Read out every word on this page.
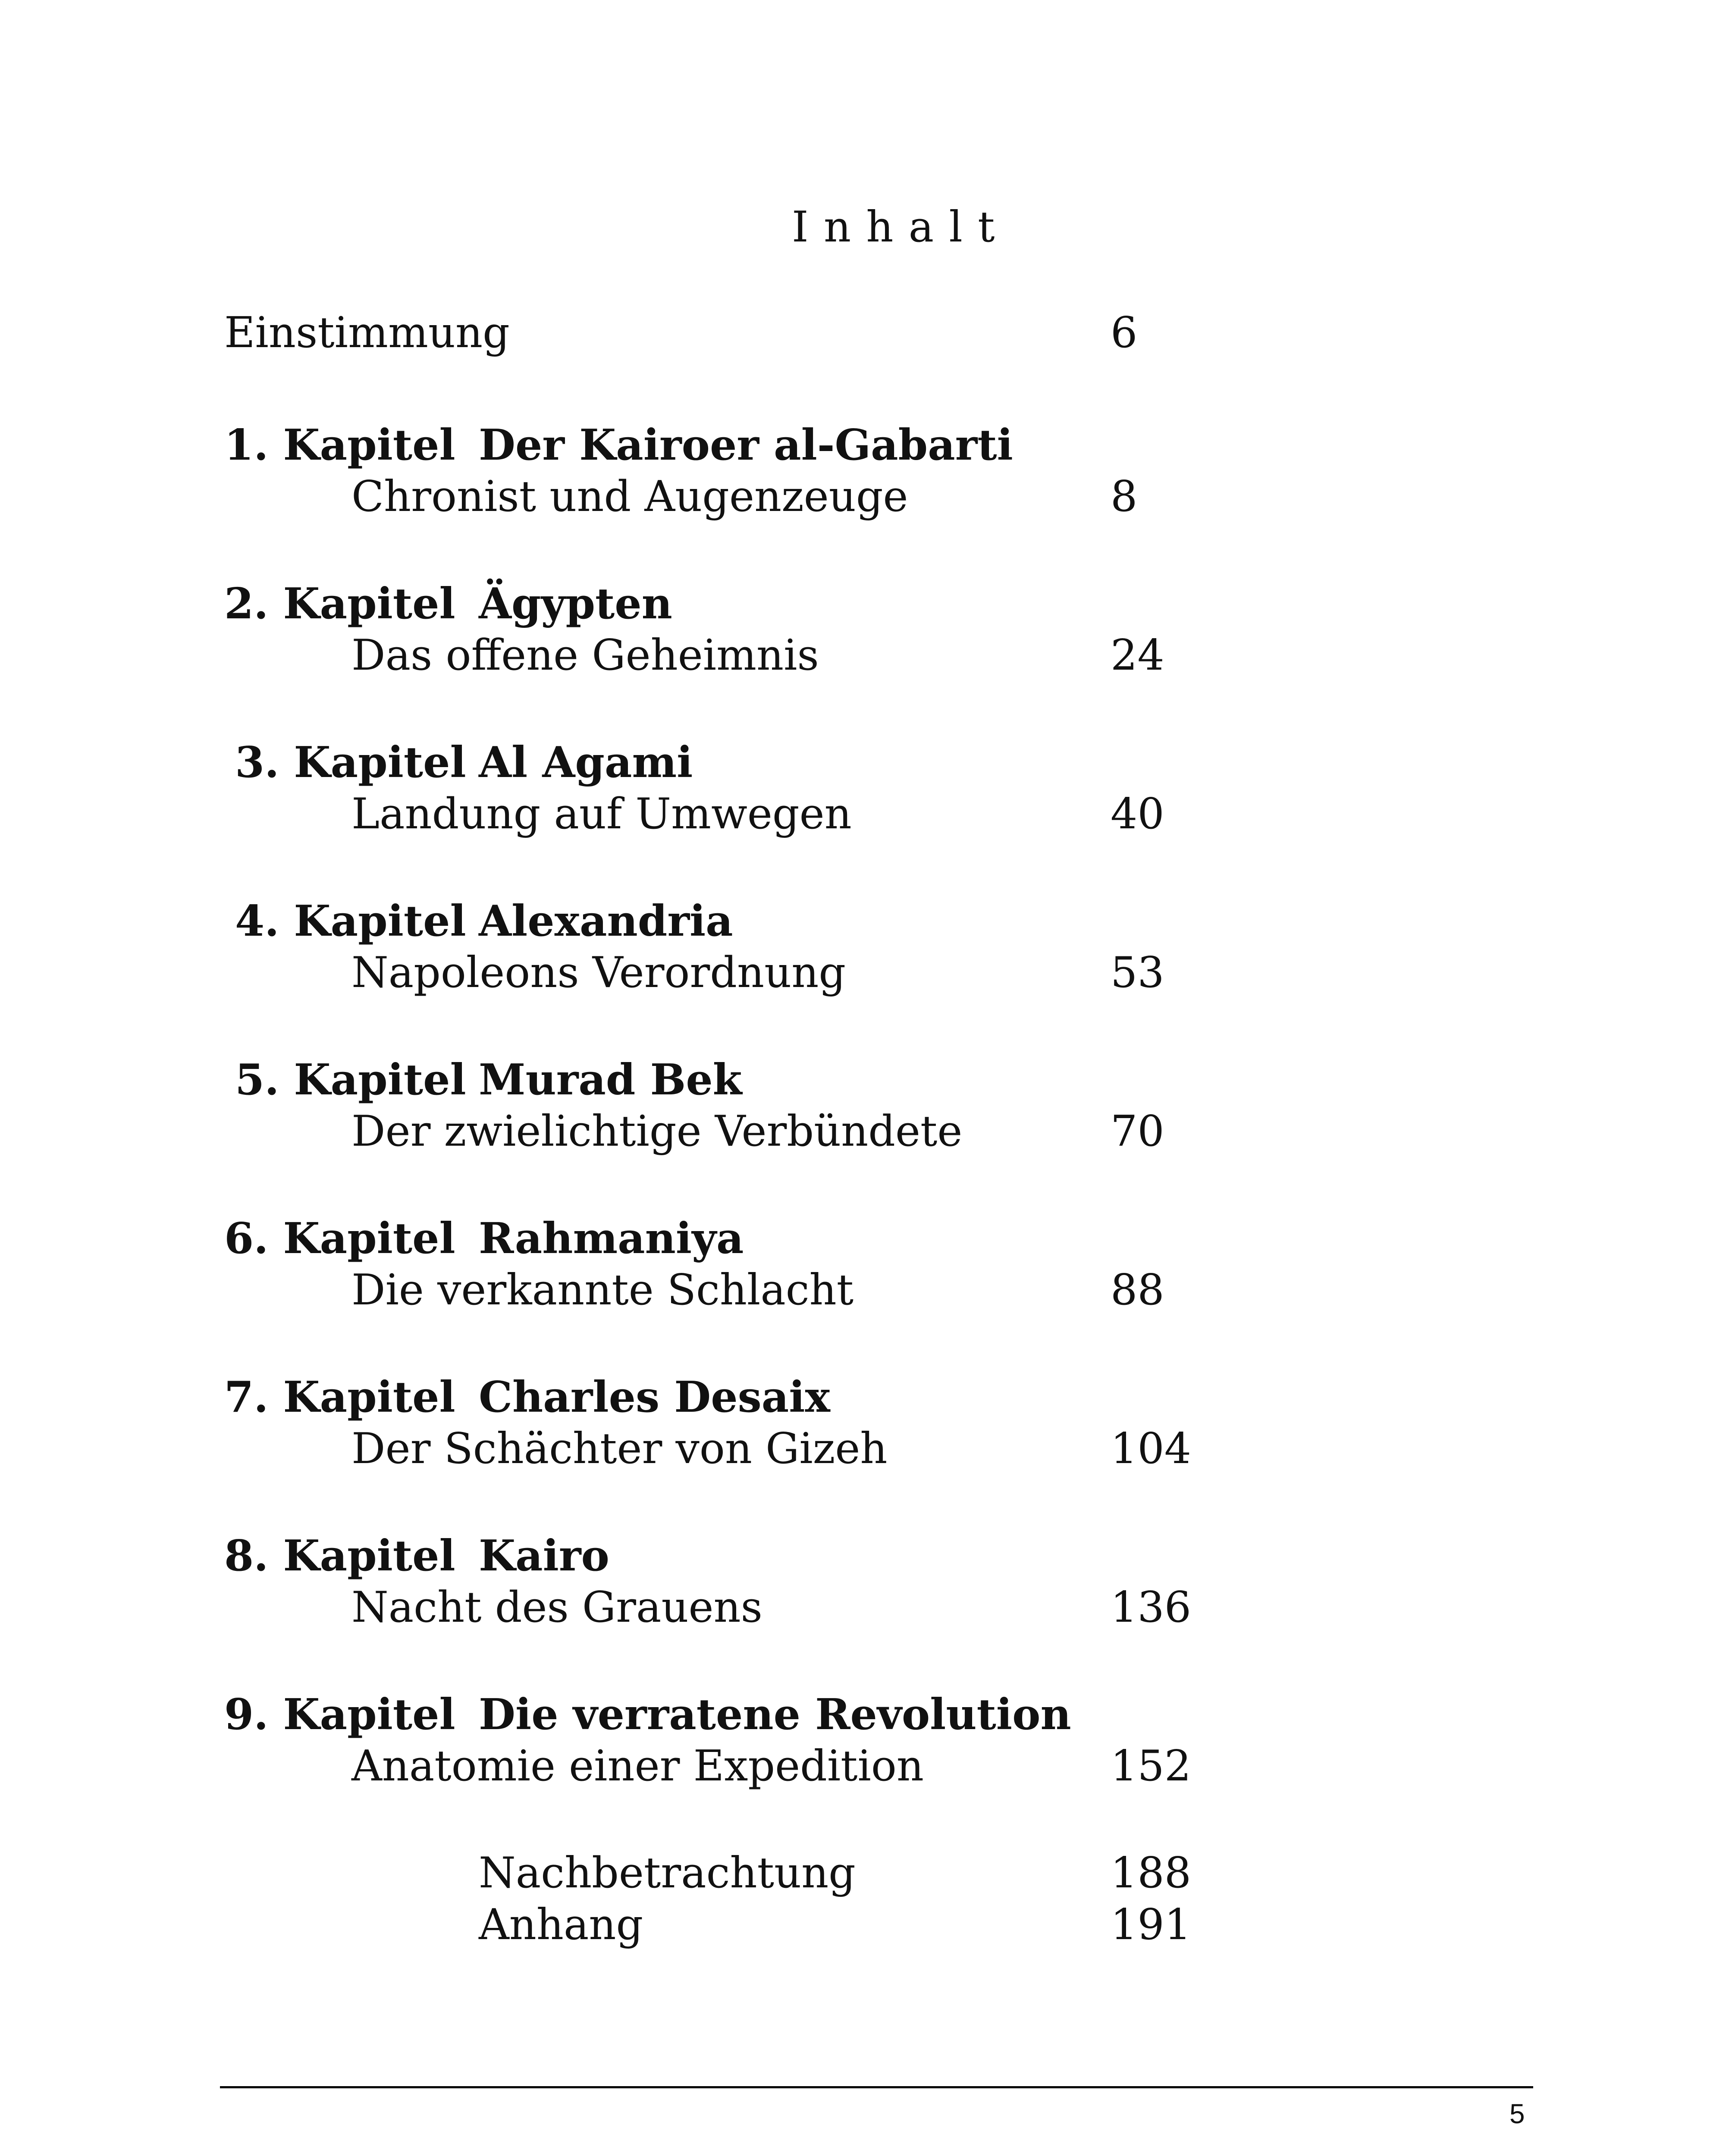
Inhalt
Einstimmung	6
1. Kapitel Der Kairoer al-Gabarti
Chronist und Augenzeuge	8
2. Kapitel Ägypten
Das offene Geheimnis	24
3. Kapitel Al Agami
Landung auf Umwegen	40
4. Kapitel Alexandria
Napoleons Verordnung	53
5. Kapitel Murad Bek
Der zwielichtige Verbündete	70
6. Kapitel Rahmaniya
Die verkannte Schlacht	88
7. Kapitel Charles Desaix
Der Schächter von Gizeh	104
8. Kapitel Kairo
Nacht des Grauens	136
9. Kapitel Die verratene Revolution
Anatomie einer Expedition	152
Nachbetrachtung	188
Anhang	191
5
